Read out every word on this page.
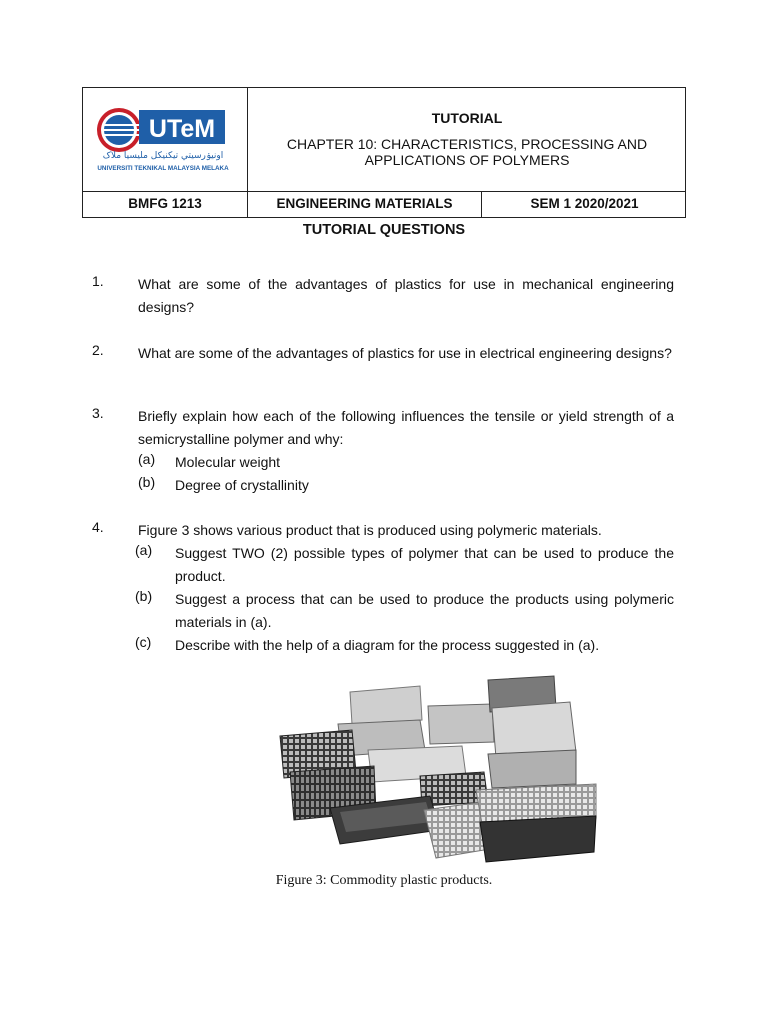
UTeM
اونيۏرسيتي تيكنيکل مليسيا ملاک
UNIVERSITI TEKNIKAL MALAYSIA MELAKA
TUTORIAL
CHAPTER 10: CHARACTERISTICS, PROCESSING AND
APPLICATIONS OF POLYMERS
BMFG 1213	ENGINEERING MATERIALS	SEM 1 2020/2021
TUTORIAL QUESTIONS
1. What are some of the advantages of plastics for use in mechanical engineering designs?
2. What are some of the advantages of plastics for use in electrical engineering designs?
3. Briefly explain how each of the following influences the tensile or yield strength of a semicrystalline polymer and why:
(a) Molecular weight
(b) Degree of crystallinity
4. Figure 3 shows various product that is produced using polymeric materials.
(a) Suggest TWO (2) possible types of polymer that can be used to produce the product.
(b) Suggest a process that can be used to produce the products using polymeric materials in (a).
(c) Describe with the help of a diagram for the process suggested in (a).
Figure 3: Commodity plastic products.
